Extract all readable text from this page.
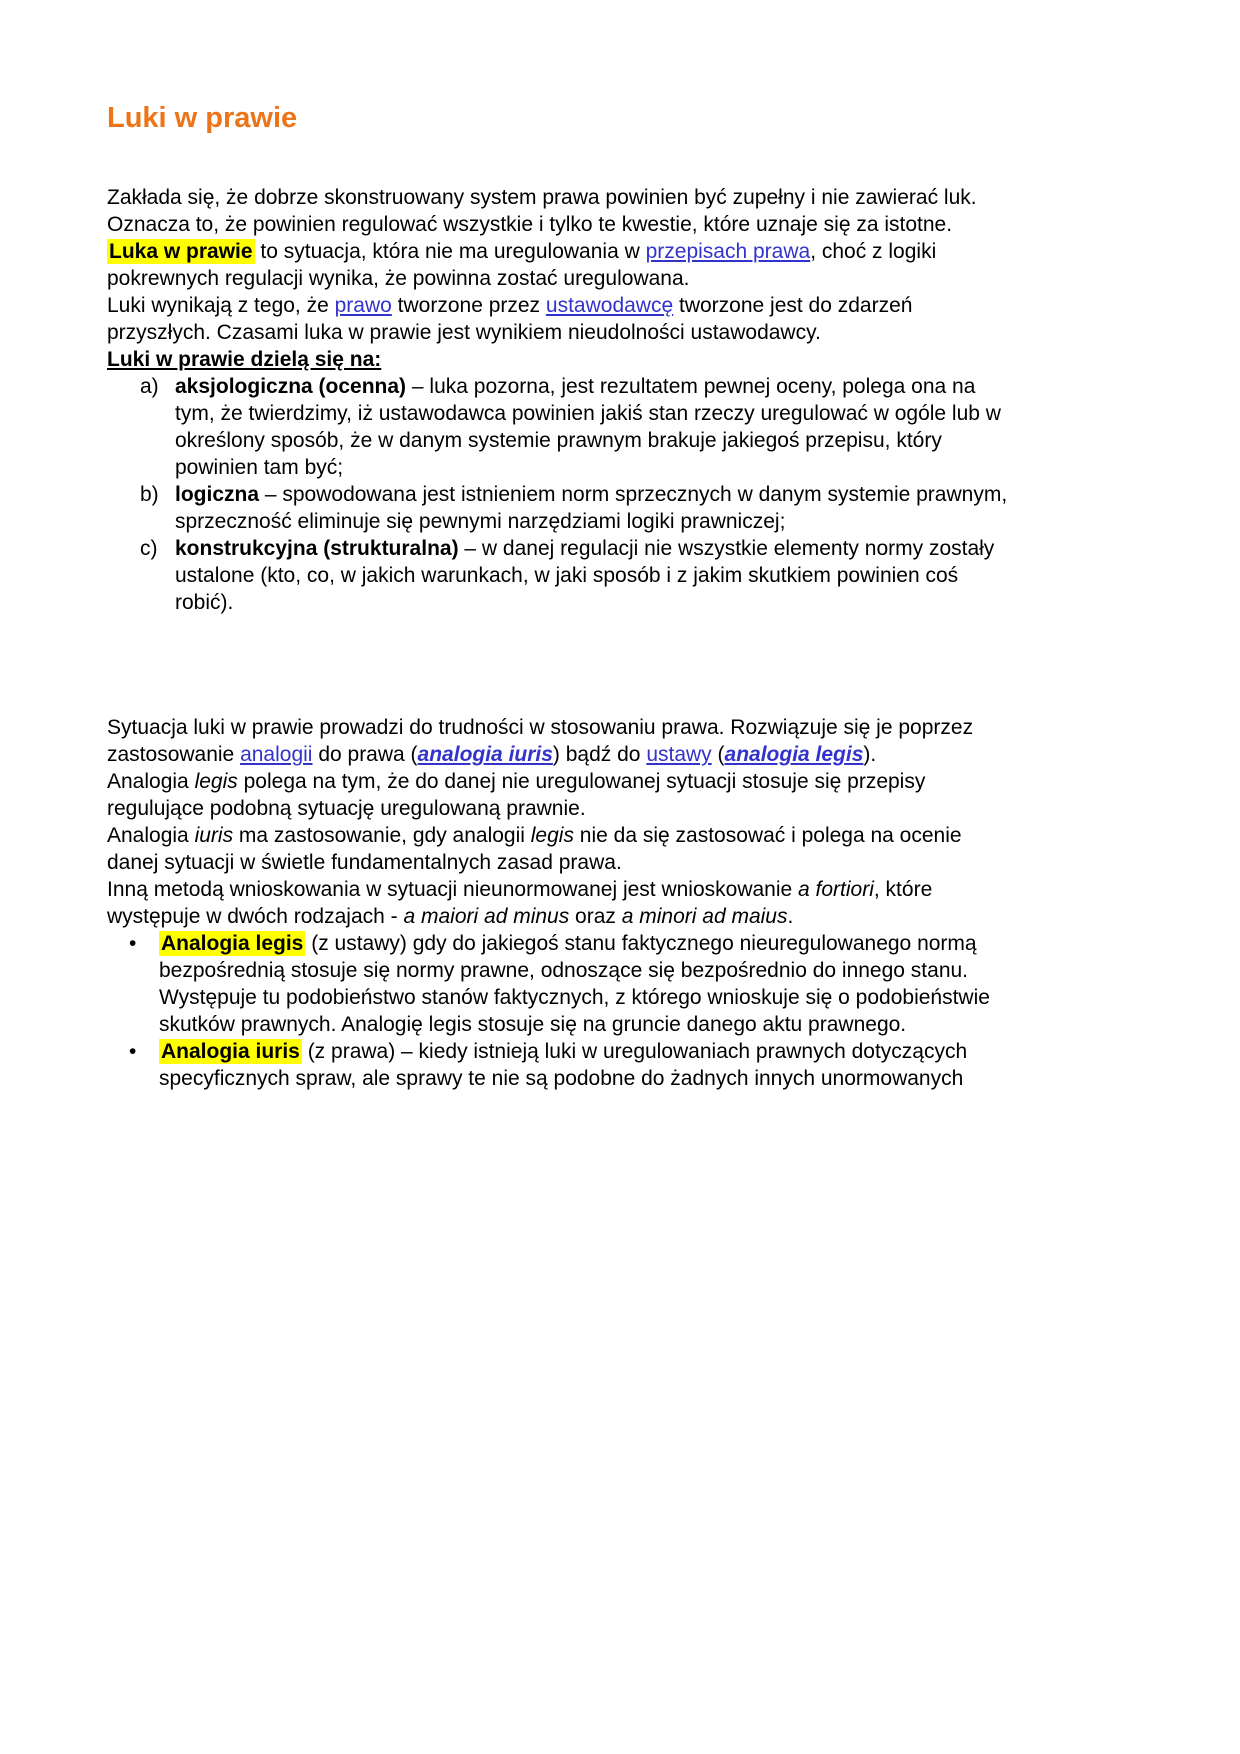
Luki w prawie

Zakłada się, że dobrze skonstruowany system prawa powinien być zupełny i nie zawierać luk. Oznacza to, że powinien regulować wszystkie i tylko te kwestie, które uznaje się za istotne.

Luka w prawie to sytuacja, która nie ma uregulowania w przepisach prawa, choć z logiki pokrewnych regulacji wynika, że powinna zostać uregulowana.

Luki wynikają z tego, że prawo tworzone przez ustawodawcę tworzone jest do zdarzeń przyszłych. Czasami luka w prawie jest wynikiem nieudolności ustawodawcy.

Luki w prawie dzielą się na:
a) aksjologiczna (ocenna) – luka pozorna, jest rezultatem pewnej oceny, polega ona na tym, że twierdzimy, iż ustawodawca powinien jakiś stan rzeczy uregulować w ogóle lub w określony sposób, że w danym systemie prawnym brakuje jakiegoś przepisu, który powinien tam być;
b) logiczna – spowodowana jest istnieniem norm sprzecznych w danym systemie prawnym, sprzeczność eliminuje się pewnymi narzędziami logiki prawniczej;
c) konstrukcyjna (strukturalna) – w danej regulacji nie wszystkie elementy normy zostały ustalone (kto, co, w jakich warunkach, w jaki sposób i z jakim skutkiem powinien coś robić).

Sytuacja luki w prawie prowadzi do trudności w stosowaniu prawa. Rozwiązuje się je poprzez zastosowanie analogii do prawa (analogia iuris) bądź do ustawy (analogia legis).

Analogia legis polega na tym, że do danej nie uregulowanej sytuacji stosuje się przepisy regulujące podobną sytuację uregulowaną prawnie.

Analogia iuris ma zastosowanie, gdy analogii legis nie da się zastosować i polega na ocenie danej sytuacji w świetle fundamentalnych zasad prawa.

Inną metodą wnioskowania w sytuacji nieunormowanej jest wnioskowanie a fortiori, które występuje w dwóch rodzajach - a maiori ad minus oraz a minori ad maius.

•	Analogia legis (z ustawy) gdy do jakiegoś stanu faktycznego nieuregulowanego normą bezpośrednią stosuje się normy prawne, odnoszące się bezpośrednio do innego stanu. Występuje tu podobieństwo stanów faktycznych, z którego wnioskuje się o podobieństwie skutków prawnych. Analogię legis stosuje się na gruncie danego aktu prawnego.
•	Analogia iuris (z prawa) – kiedy istnieją luki w uregulowaniach prawnych dotyczących specyficznych spraw, ale sprawy te nie są podobne do żadnych innych unormowanych
